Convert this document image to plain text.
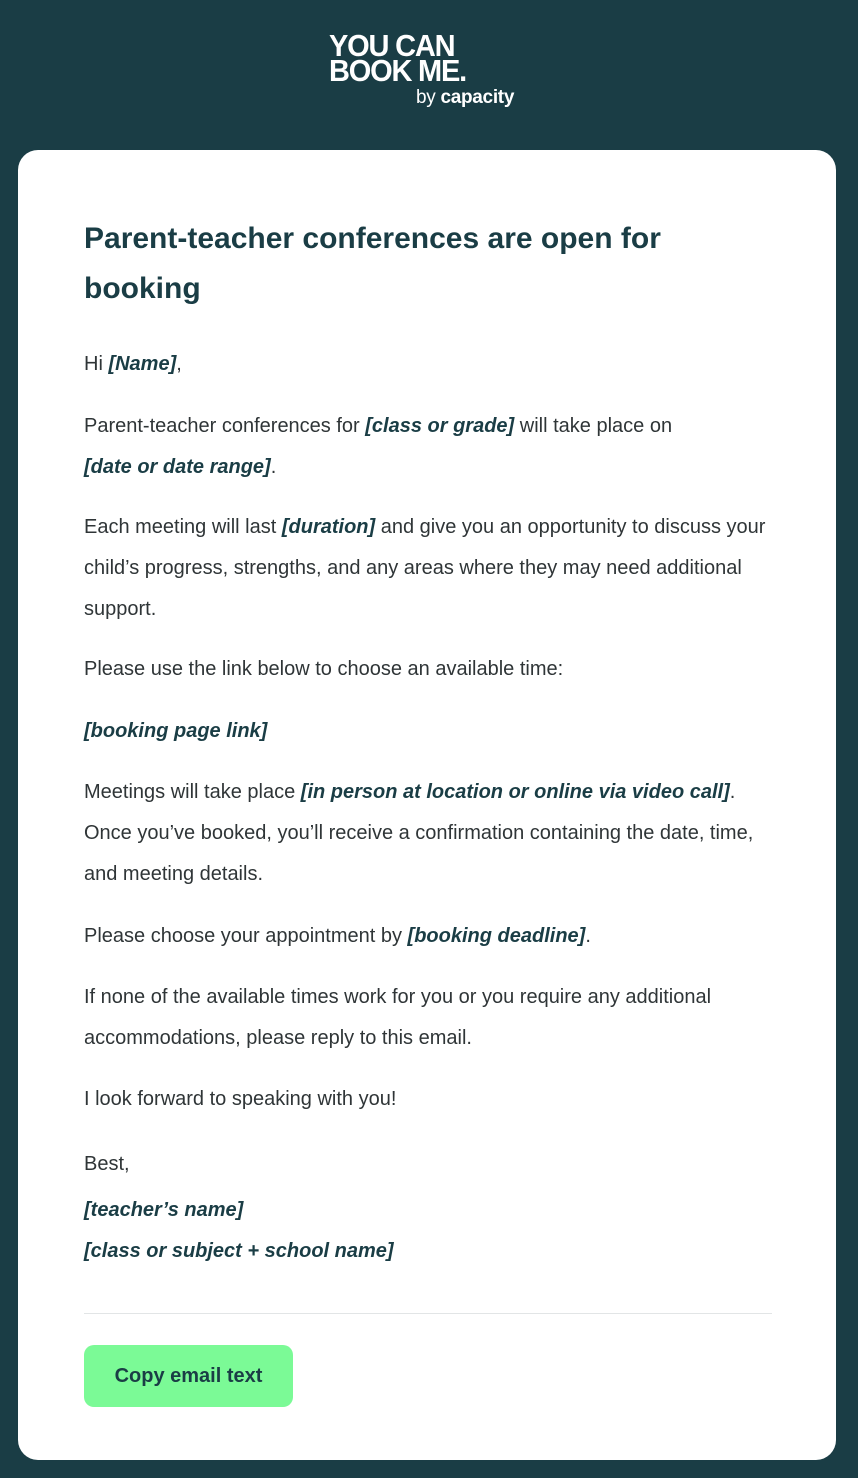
YOU CAN
BOOK ME.
by capacity
Parent-teacher conferences are open for booking

Hi [Name],

Parent-teacher conferences for [class or grade] will take place on
[date or date range].

Each meeting will last [duration] and give you an opportunity to discuss your child’s progress, strengths, and any areas where they may need additional support.

Please use the link below to choose an available time:

[booking page link]

Meetings will take place [in person at location or online via video call]. Once you’ve booked, you’ll receive a confirmation containing the date, time, and meeting details.

Please choose your appointment by [booking deadline].

If none of the available times work for you or you require any additional accommodations, please reply to this email.

I look forward to speaking with you!

Best,

[teacher’s name]

[class or subject + school name]

Copy email text
